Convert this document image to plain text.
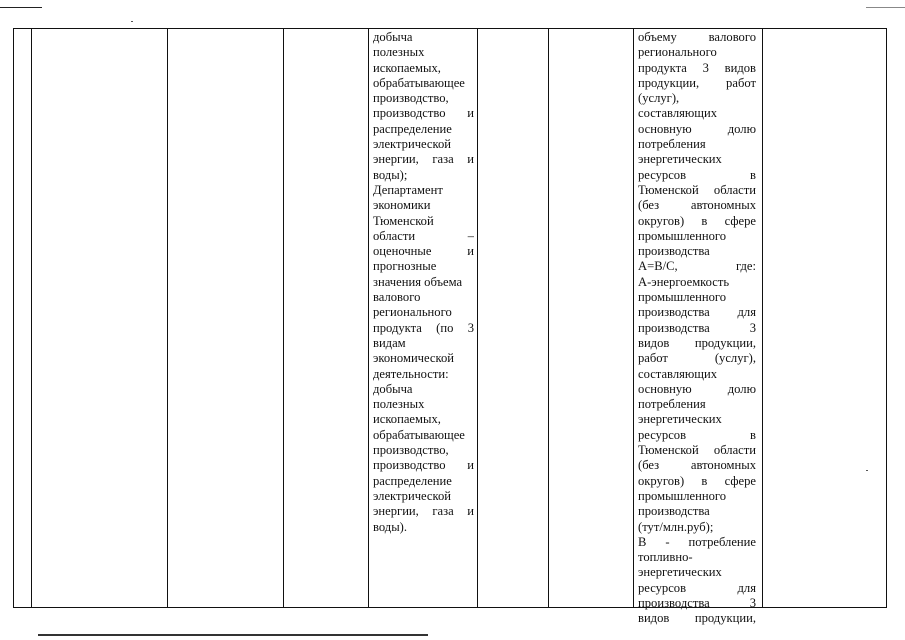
добыча
полезных
ископаемых,
обрабатывающее
производство,
производство и
распределение
электрической
энергии, газа и
воды);
Департамент
экономики
Тюменской
области –
оценочные и
прогнозные
значения объема
валового
регионального
продукта (по 3
видам
экономической
деятельности:
добыча
полезных
ископаемых,
обрабатывающее
производство,
производство и
распределение
электрической
энергии, газа и
воды).
объему валового
регионального
продукта 3 видов
продукции, работ
(услуг),
составляющих
основную долю
потребления
энергетических
ресурсов в
Тюменской области
(без автономных
округов) в сфере
промышленного
производства
A=B/C, где:
А-энергоемкость
промышленного
производства для
производства 3
видов продукции,
работ (услуг),
составляющих
основную долю
потребления
энергетических
ресурсов в
Тюменской области
(без автономных
округов) в сфере
промышленного
производства
(тут/млн.руб);
В - потребление
топливно-
энергетических
ресурсов для
производства 3
видов продукции,
